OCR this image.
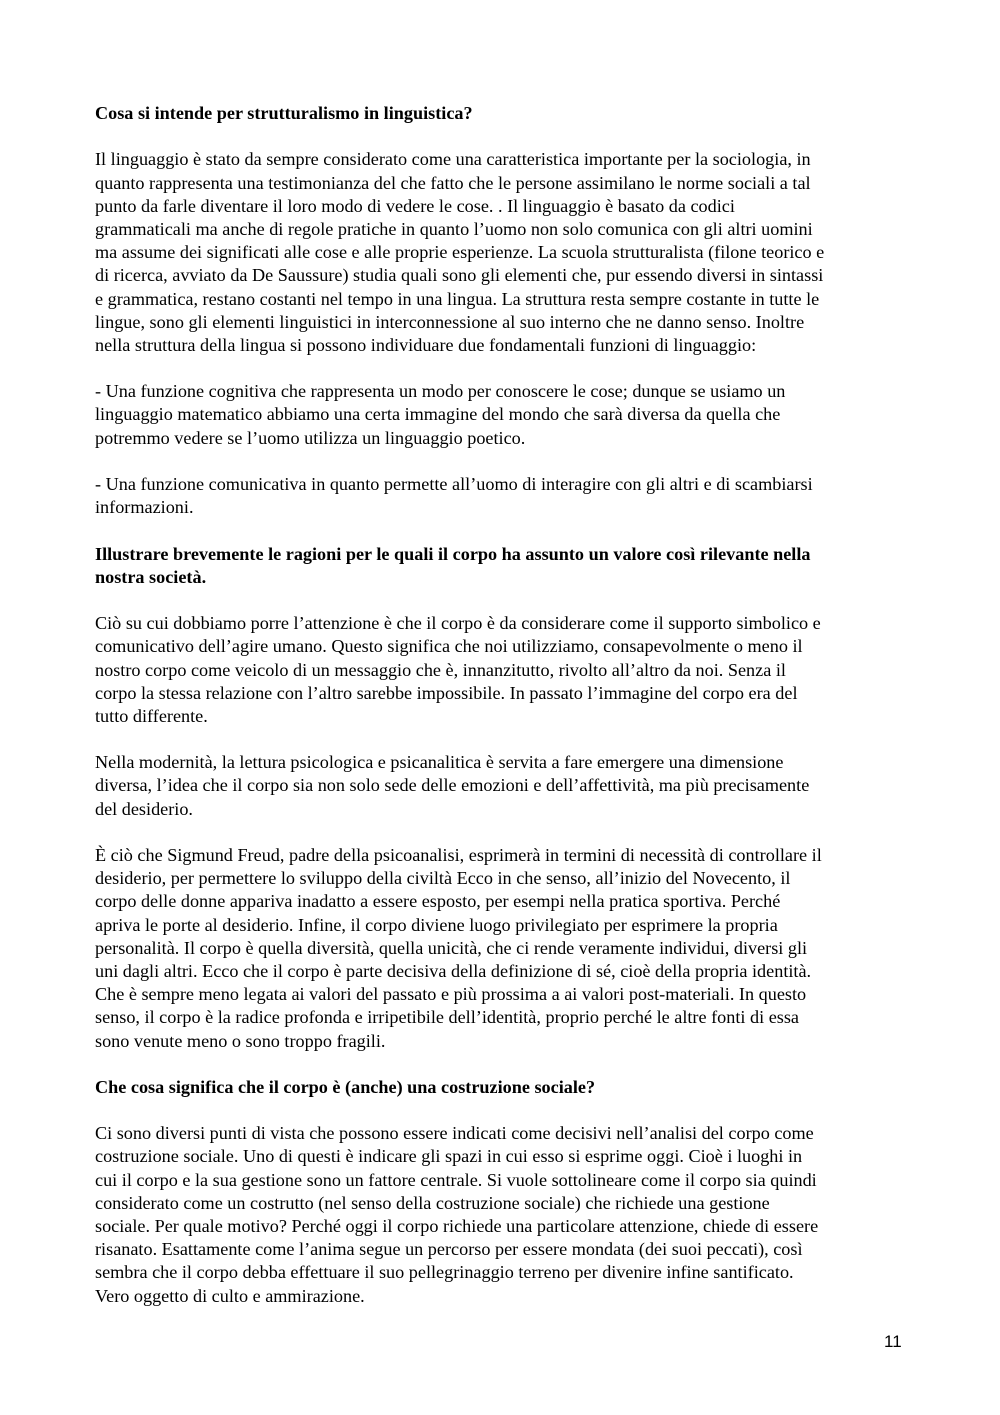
Cosa si intende per strutturalismo in linguistica?
Il linguaggio è stato da sempre considerato come una caratteristica importante per la sociologia, in
quanto rappresenta una testimonianza del che fatto che le persone assimilano le norme sociali a tal
punto da farle diventare il loro modo di vedere le cose. . Il linguaggio è basato da codici
grammaticali ma anche di regole pratiche in quanto l’uomo non solo comunica con gli altri uomini
ma assume dei significati alle cose e alle proprie esperienze. La scuola strutturalista (filone teorico e
di ricerca, avviato da De Saussure) studia quali sono gli elementi che, pur essendo diversi in sintassi
e grammatica, restano costanti nel tempo in una lingua. La struttura resta sempre costante in tutte le
lingue, sono gli elementi linguistici in interconnessione al suo interno che ne danno senso. Inoltre
nella struttura della lingua si possono individuare due fondamentali funzioni di linguaggio:
- Una funzione cognitiva che rappresenta un modo per conoscere le cose; dunque se usiamo un
linguaggio matematico abbiamo una certa immagine del mondo che sarà diversa da quella che
potremmo vedere se l’uomo utilizza un linguaggio poetico.
- Una funzione comunicativa in quanto permette all’uomo di interagire con gli altri e di scambiarsi
informazioni.
Illustrare brevemente le ragioni per le quali il corpo ha assunto un valore così rilevante nella
nostra società.
Ciò su cui dobbiamo porre l’attenzione è che il corpo è da considerare come il supporto simbolico e
comunicativo dell’agire umano. Questo significa che noi utilizziamo, consapevolmente o meno il
nostro corpo come veicolo di un messaggio che è, innanzitutto, rivolto all’altro da noi. Senza il
corpo la stessa relazione con l’altro sarebbe impossibile. In passato l’immagine del corpo era del
tutto differente.
Nella modernità, la lettura psicologica e psicanalitica è servita a fare emergere una dimensione
diversa, l’idea che il corpo sia non solo sede delle emozioni e dell’affettività, ma più precisamente
del desiderio.
È ciò che Sigmund Freud, padre della psicoanalisi, esprimerà in termini di necessità di controllare il
desiderio, per permettere lo sviluppo della civiltà Ecco in che senso, all’inizio del Novecento, il
corpo delle donne appariva inadatto a essere esposto, per esempi nella pratica sportiva. Perché
apriva le porte al desiderio. Infine, il corpo diviene luogo privilegiato per esprimere la propria
personalità. Il corpo è quella diversità, quella unicità, che ci rende veramente individui, diversi gli
uni dagli altri. Ecco che il corpo è parte decisiva della definizione di sé, cioè della propria identità.
Che è sempre meno legata ai valori del passato e più prossima a ai valori post-materiali. In questo
senso, il corpo è la radice profonda e irripetibile dell’identità, proprio perché le altre fonti di essa
sono venute meno o sono troppo fragili.
Che cosa significa che il corpo è (anche) una costruzione sociale?
Ci sono diversi punti di vista che possono essere indicati come decisivi nell’analisi del corpo come
costruzione sociale. Uno di questi è indicare gli spazi in cui esso si esprime oggi. Cioè i luoghi in
cui il corpo e la sua gestione sono un fattore centrale. Si vuole sottolineare come il corpo sia quindi
considerato come un costrutto (nel senso della costruzione sociale) che richiede una gestione
sociale. Per quale motivo? Perché oggi il corpo richiede una particolare attenzione, chiede di essere
risanato. Esattamente come l’anima segue un percorso per essere mondata (dei suoi peccati), così
sembra che il corpo debba effettuare il suo pellegrinaggio terreno per divenire infine santificato.
Vero oggetto di culto e ammirazione.
11
